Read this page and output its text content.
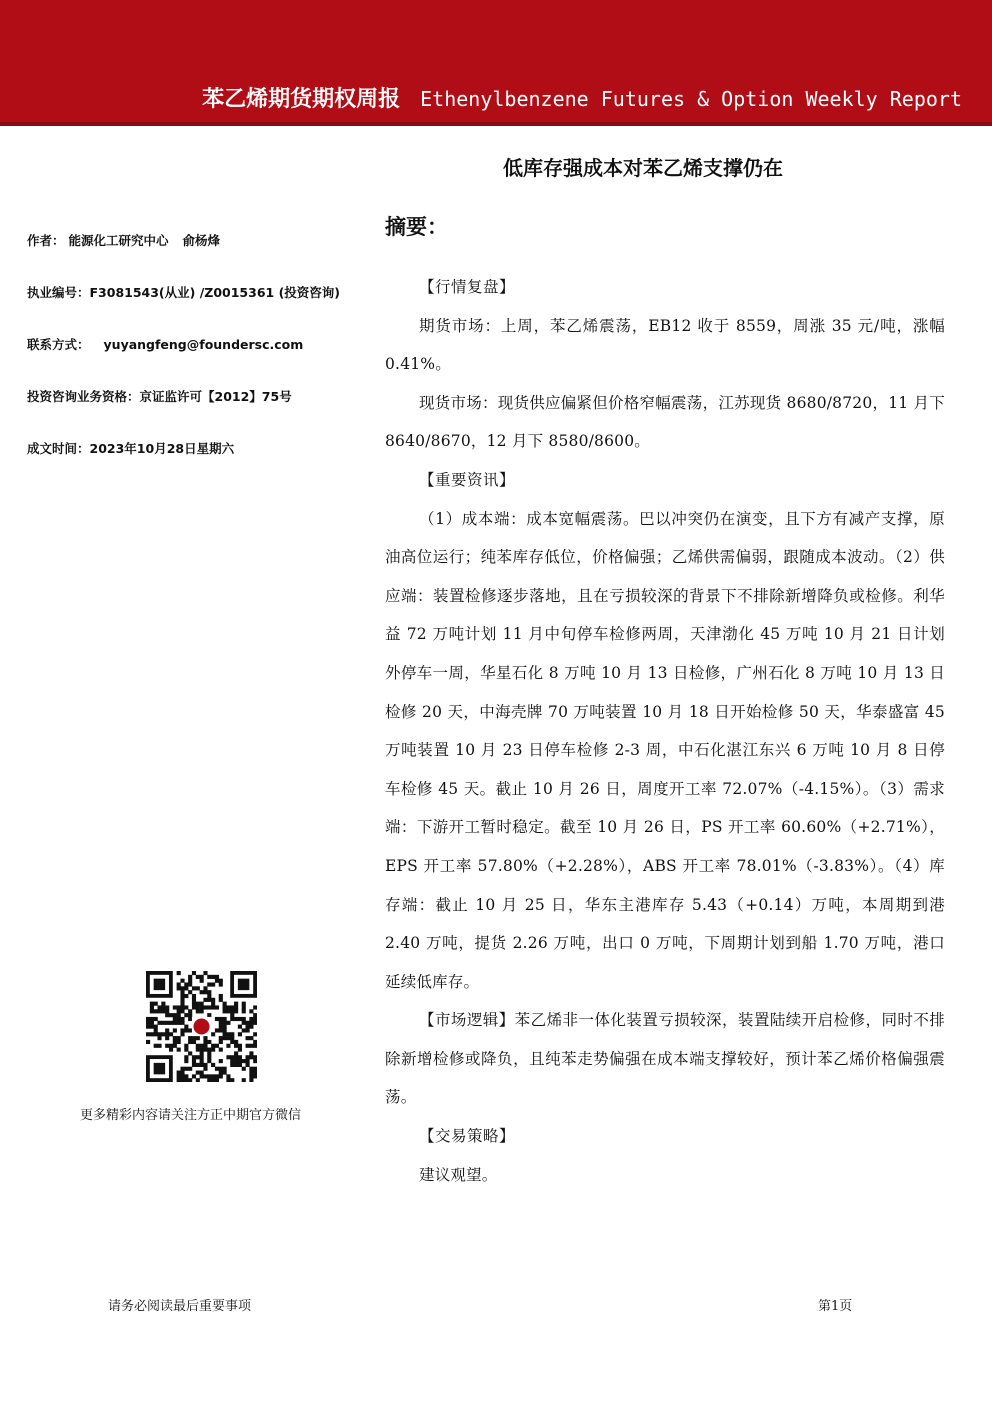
苯乙烯期货期权周报 Ethenylbenzene Futures & Option Weekly Report
低库存强成本对苯乙烯支撑仍在
作者： 能源化工研究中心 俞杨烽
执业编号：F3081543(从业) /Z0015361 (投资咨询)
联系方式： yuyangfeng@foundersc.com
投资咨询业务资格：京证监许可【2012】75号
成文时间：2023年10月28日星期六
更多精彩内容请关注方正中期官方微信
摘要：

【行情复盘】

期货市场：上周，苯乙烯震荡，EB12 收于 8559，周涨 35 元/吨，涨幅 0.41%。

现货市场：现货供应偏紧但价格窄幅震荡，江苏现货 8680/8720，11 月下 8640/8670，12 月下 8580/8600。

【重要资讯】

（1）成本端：成本宽幅震荡。巴以冲突仍在演变，且下方有减产支撑，原油高位运行；纯苯库存低位，价格偏强；乙烯供需偏弱，跟随成本波动。（2）供应端：装置检修逐步落地，且在亏损较深的背景下不排除新增降负或检修。利华益 72 万吨计划 11 月中旬停车检修两周，天津渤化 45 万吨 10 月 21 日计划外停车一周，华星石化 8 万吨 10 月 13 日检修，广州石化 8 万吨 10 月 13 日检修 20 天，中海壳牌 70 万吨装置 10 月 18 日开始检修 50 天，华泰盛富 45 万吨装置 10 月 23 日停车检修 2-3 周，中石化湛江东兴 6 万吨 10 月 8 日停车检修 45 天。截止 10 月 26 日，周度开工率 72.07%（-4.15%）。（3）需求端：下游开工暂时稳定。截至 10 月 26 日，PS 开工率 60.60%（+2.71%），EPS 开工率 57.80%（+2.28%），ABS 开工率 78.01%（-3.83%）。（4）库存端：截止 10 月 25 日，华东主港库存 5.43（+0.14）万吨，本周期到港 2.40 万吨，提货 2.26 万吨，出口 0 万吨，下周期计划到船 1.70 万吨，港口延续低库存。

【市场逻辑】苯乙烯非一体化装置亏损较深，装置陆续开启检修，同时不排除新增检修或降负，且纯苯走势偏强在成本端支撑较好，预计苯乙烯价格偏强震荡。

【交易策略】

建议观望。

请务必阅读最后重要事项	第1页
